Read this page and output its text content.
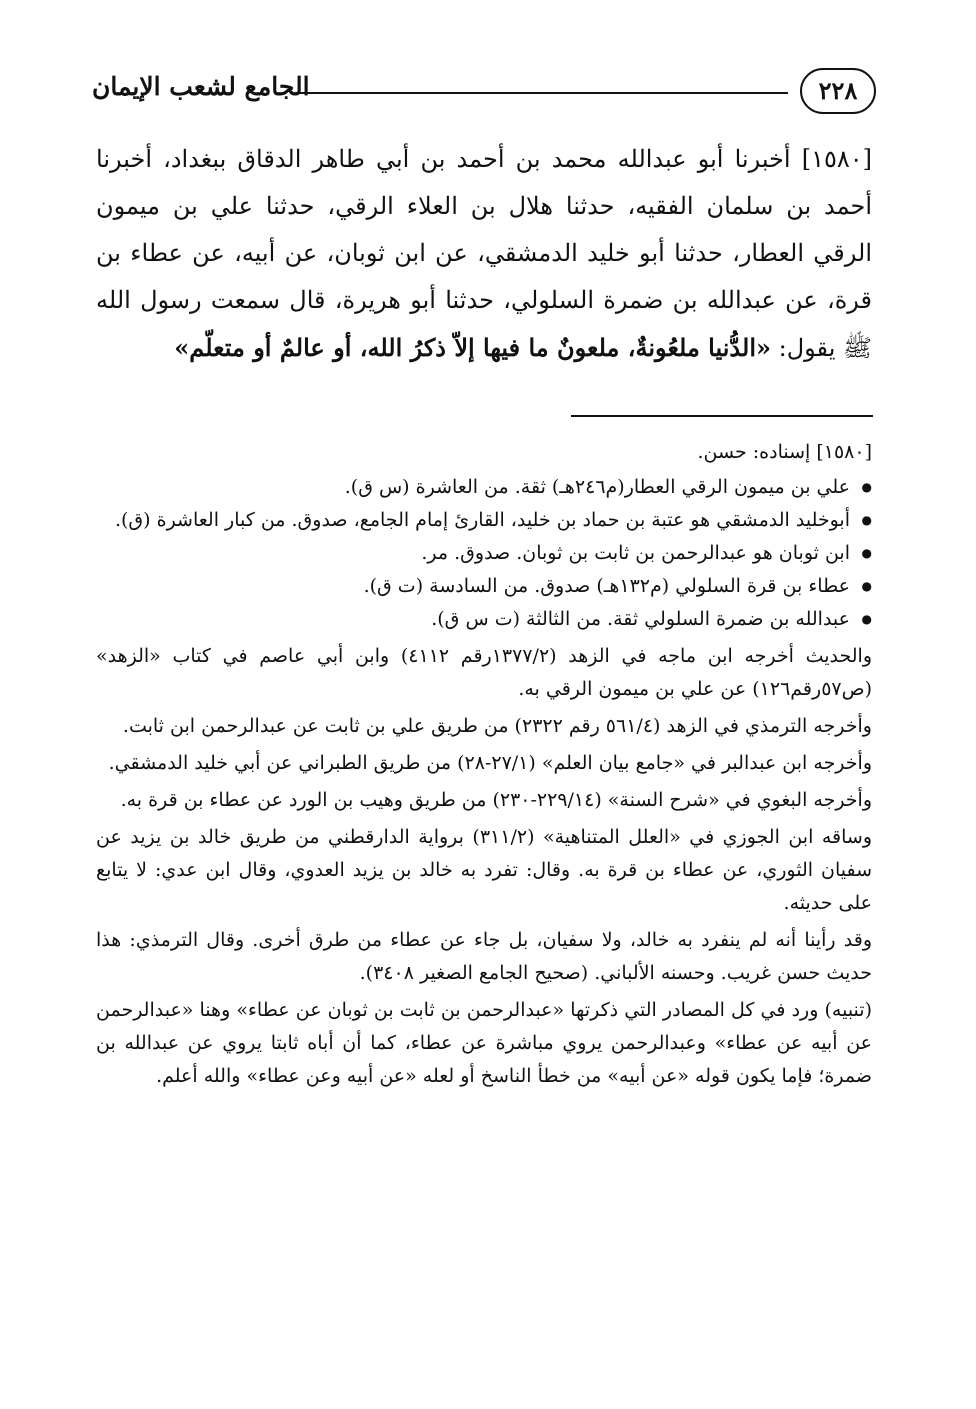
الجامع لشعب الإيمان	٢٢٨
[١٥٨٠] أخبرنا أبو عبدالله محمد بن أحمد بن أبي طاهر الدقاق ببغداد، أخبرنا أحمد بن سلمان الفقيه، حدثنا هلال بن العلاء الرقي، حدثنا علي بن ميمون الرقي العطار، حدثنا أبو خليد الدمشقي، عن ابن ثوبان، عن أبيه، عن عطاء بن قرة، عن عبدالله بن ضمرة السلولي، حدثنا أبو هريرة، قال سمعت رسول الله ﷺ يقول: «الدُّنيا ملعُونةٌ، ملعونٌ ما فيها إلاّ ذكرُ الله، أو عالمٌ أو متعلّم»

[١٥٨٠] إسناده: حسن.

● علي بن ميمون الرقي العطار(م٢٤٦هـ) ثقة. من العاشرة (س ق).
● أبوخليد الدمشقي هو عتبة بن حماد بن خليد، القارئ إمام الجامع، صدوق. من كبار العاشرة (ق).
● ابن ثوبان هو عبدالرحمن بن ثابت بن ثوبان. صدوق. مر.
● عطاء بن قرة السلولي (م١٣٢هـ) صدوق. من السادسة (ت ق).
● عبدالله بن ضمرة السلولي ثقة. من الثالثة (ت س ق).

والحديث أخرجه ابن ماجه في الزهد (١٣٧٧/٢رقم ٤١١٢) وابن أبي عاصم في كتاب «الزهد» (ص٥٧رقم١٢٦) عن علي بن ميمون الرقي به.

وأخرجه الترمذي في الزهد (٥٦١/٤ رقم ٢٣٢٢) من طريق علي بن ثابت عن عبدالرحمن ابن ثابت.

وأخرجه ابن عبدالبر في «جامع بيان العلم» (٢٧/١-٢٨) من طريق الطبراني عن أبي خليد الدمشقي.

وأخرجه البغوي في «شرح السنة» (٢٢٩/١٤-٢٣٠) من طريق وهيب بن الورد عن عطاء بن قرة به.

وساقه ابن الجوزي في «العلل المتناهية» (٣١١/٢) برواية الدارقطني من طريق خالد بن يزيد عن سفيان الثوري، عن عطاء بن قرة به. وقال: تفرد به خالد بن يزيد العدوي، وقال ابن عدي: لا يتابع على حديثه.

وقد رأينا أنه لم ينفرد به خالد، ولا سفيان، بل جاء عن عطاء من طرق أخرى. وقال الترمذي: هذا حديث حسن غريب. وحسنه الألباني. (صحيح الجامع الصغير ٣٤٠٨).

(تنبيه) ورد في كل المصادر التي ذكرتها «عبدالرحمن بن ثابت بن ثوبان عن عطاء» وهنا «عبدالرحمن عن أبيه عن عطاء» وعبدالرحمن يروي مباشرة عن عطاء، كما أن أباه ثابتا يروي عن عبدالله بن ضمرة؛ فإما يكون قوله «عن أبيه» من خطأ الناسخ أو لعله «عن أبيه وعن عطاء» والله أعلم.
